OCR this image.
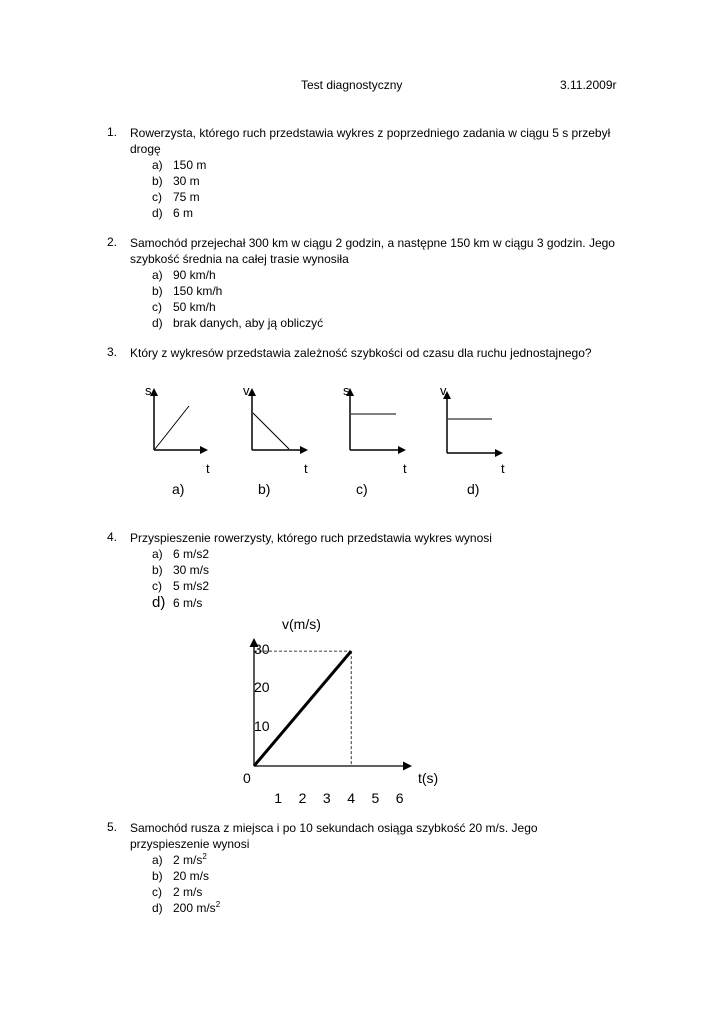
Test diagnostyczny	3.11.2009r
1. Rowerzysta, którego ruch przedstawia wykres z poprzedniego zadania w ciągu 5 s przebył drogę
a) 150 m
b) 30 m
c) 75 m
d) 6 m
2. Samochód przejechał 300 km w ciągu 2 godzin, a następne 150 km w ciągu 3 godzin. Jego szybkość średnia na całej trasie wynosiła
a) 90 km/h
b) 150 km/h
c) 50 km/h
d) brak danych, aby ją obliczyć
3. Który z wykresów przedstawia zależność szybkości od czasu dla ruchu jednostajnego?
s
t
a)
v
t
b)
s
t
c)
v
t
d)
4. Przyspieszenie rowerzysty, którego ruch przedstawia wykres wynosi
a) 6 m/s2
b) 30 m/s
c) 5 m/s2
d) 6 m/s
v(m/s)
t(s)
0
10
20
30
1 2 3 4 5 6
5. Samochód rusza z miejsca i po 10 sekundach osiąga szybkość 20 m/s. Jego przyspieszenie wynosi
a) 2 $m/s^2$
b) 20 m/s
c) 2 m/s
d) 200 $m/s^2$
